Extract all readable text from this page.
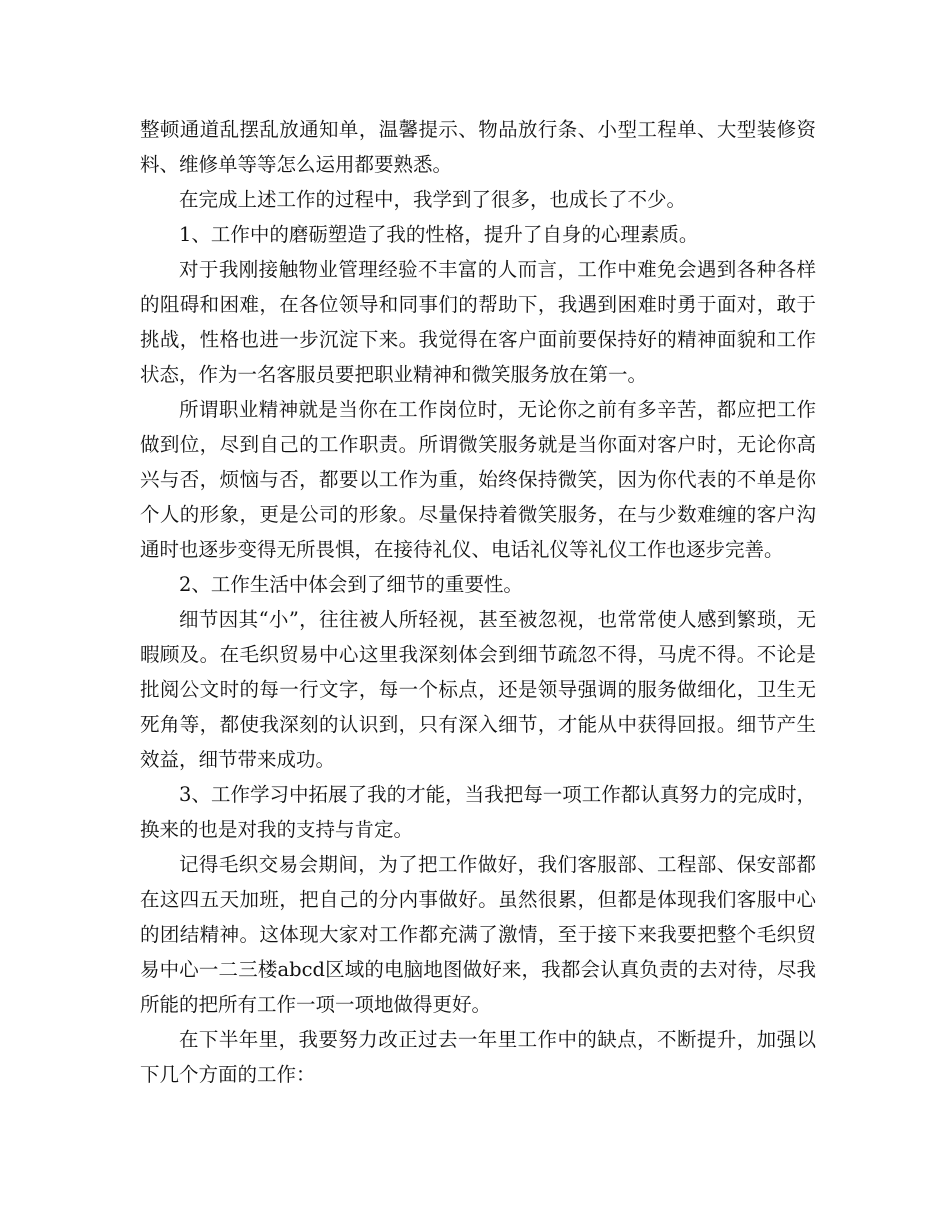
整顿通道乱摆乱放通知单，温馨提示、物品放行条、小型工程单、大型装修资料、维修单等等怎么运用都要熟悉。

在完成上述工作的过程中，我学到了很多，也成长了不少。

1、工作中的磨砺塑造了我的性格，提升了自身的心理素质。

对于我刚接触物业管理经验不丰富的人而言，工作中难免会遇到各种各样的阻碍和困难，在各位领导和同事们的帮助下，我遇到困难时勇于面对，敢于挑战，性格也进一步沉淀下来。我觉得在客户面前要保持好的精神面貌和工作状态，作为一名客服员要把职业精神和微笑服务放在第一。

所谓职业精神就是当你在工作岗位时，无论你之前有多辛苦，都应把工作做到位，尽到自己的工作职责。所谓微笑服务就是当你面对客户时，无论你高兴与否，烦恼与否，都要以工作为重，始终保持微笑，因为你代表的不单是你个人的形象，更是公司的形象。尽量保持着微笑服务，在与少数难缠的客户沟通时也逐步变得无所畏惧，在接待礼仪、电话礼仪等礼仪工作也逐步完善。

2、工作生活中体会到了细节的重要性。

细节因其“小”，往往被人所轻视，甚至被忽视，也常常使人感到繁琐，无暇顾及。在毛织贸易中心这里我深刻体会到细节疏忽不得，马虎不得。不论是批阅公文时的每一行文字，每一个标点，还是领导强调的服务做细化，卫生无死角等，都使我深刻的认识到，只有深入细节，才能从中获得回报。细节产生效益，细节带来成功。

3、工作学习中拓展了我的才能，当我把每一项工作都认真努力的完成时，换来的也是对我的支持与肯定。

记得毛织交易会期间，为了把工作做好，我们客服部、工程部、保安部都在这四五天加班，把自己的分内事做好。虽然很累，但都是体现我们客服中心的团结精神。这体现大家对工作都充满了激情，至于接下来我要把整个毛织贸易中心一二三楼abcd区域的电脑地图做好来，我都会认真负责的去对待，尽我所能的把所有工作一项一项地做得更好。

在下半年里，我要努力改正过去一年里工作中的缺点，不断提升，加强以下几个方面的工作：
